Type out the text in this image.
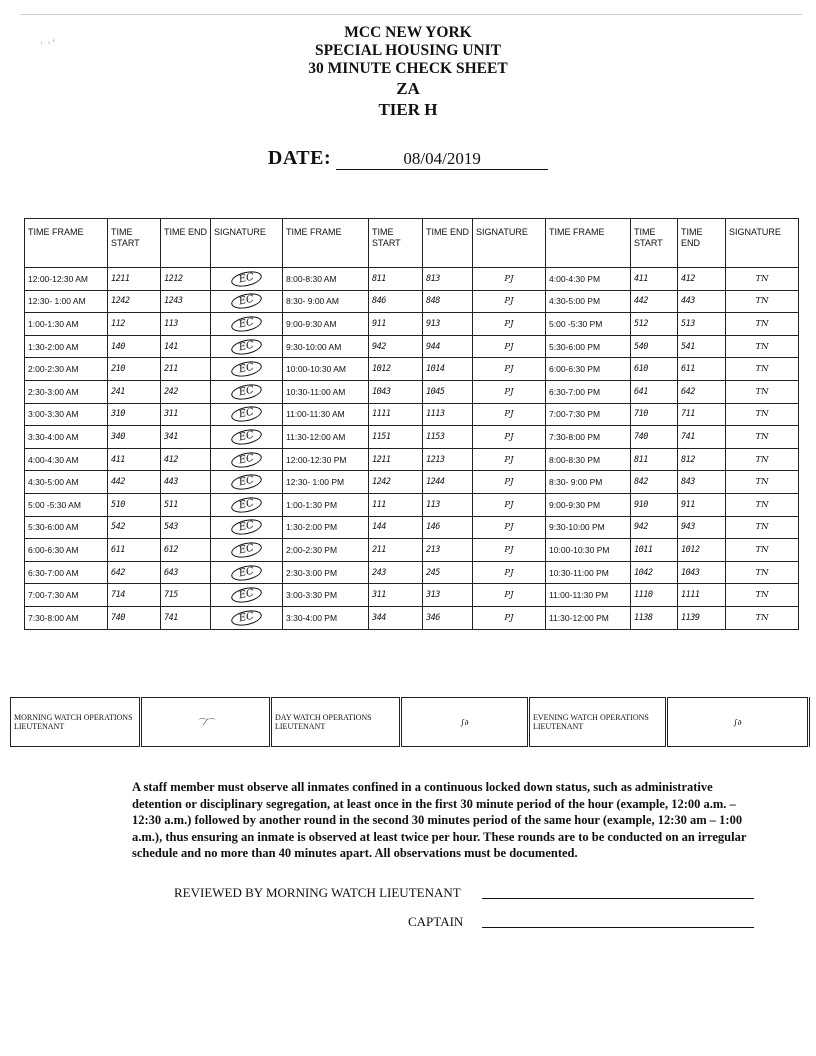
·  · '
MCC NEW YORK
SPECIAL HOUSING UNIT
30 MINUTE CHECK SHEET
ZA
TIER H
DATE:	08/04/2019
TIME FRAME	TIME START	TIME END	SIGNATURE	TIME FRAME	TIME START	TIME END	SIGNATURE	TIME FRAME	TIME START	TIME END	SIGNATURE
12:00-12:30 AM	1211	1212	EC	8:00-8:30 AM	811	813	PJ	4:00-4:30 PM	411	412	TN
12:30- 1:00 AM	1242	1243	EC	8:30- 9:00 AM	846	848	PJ	4:30-5:00 PM	442	443	TN
1:00-1:30 AM	112	113	EC	9:00-9:30 AM	911	913	PJ	5:00 -5:30 PM	512	513	TN
1:30-2:00 AM	140	141	EC	9:30-10:00 AM	942	944	PJ	5:30-6:00 PM	540	541	TN
2:00-2:30 AM	210	211	EC	10:00-10:30 AM	1012	1014	PJ	6:00-6:30 PM	610	611	TN
2:30-3:00 AM	241	242	EC	10:30-11:00 AM	1043	1045	PJ	6:30-7:00 PM	641	642	TN
3:00-3:30 AM	310	311	EC	11:00-11:30 AM	1111	1113	PJ	7:00-7:30 PM	710	711	TN
3:30-4:00 AM	340	341	EC	11:30-12:00 AM	1151	1153	PJ	7:30-8:00 PM	740	741	TN
4:00-4:30 AM	411	412	EC	12:00-12:30 PM	1211	1213	PJ	8:00-8:30 PM	811	812	TN
4:30-5:00 AM	442	443	EC	12:30- 1:00 PM	1242	1244	PJ	8:30- 9:00 PM	842	843	TN
5:00 -5:30 AM	510	511	EC	1:00-1:30 PM	111	113	PJ	9:00-9:30 PM	910	911	TN
5:30-6:00 AM	542	543	EC	1:30-2:00 PM	144	146	PJ	9:30-10:00 PM	942	943	TN
6:00-6:30 AM	611	612	EC	2:00-2:30 PM	211	213	PJ	10:00-10:30 PM	1011	1012	TN
6:30-7:00 AM	642	643	EC	2:30-3:00 PM	243	245	PJ	10:30-11:00 PM	1042	1043	TN
7:00-7:30 AM	714	715	EC	3:00-3:30 PM	311	313	PJ	11:00-11:30 PM	1110	1111	TN
7:30-8:00 AM	740	741	EC	3:30-4:00 PM	344	346	PJ	11:30-12:00 PM	1138	1139	TN
MORNING WATCH OPERATIONS LIEUTENANT	⌒⁄⌒	DAY WATCH OPERATIONS LIEUTENANT	∫∂	EVENING WATCH OPERATIONS LIEUTENANT	∫∂
A staff member must observe all inmates confined in a continuous locked down status, such as administrative detention or disciplinary segregation, at least once in the first 30 minute period of the hour (example, 12:00 a.m. – 12:30 a.m.) followed by another round in the second 30 minutes period of the same hour (example, 12:30 am – 1:00 a.m.), thus ensuring an inmate is observed at least twice per hour. These rounds are to be conducted on an irregular schedule and no more than 40 minutes apart. All observations must be documented.
REVIEWED BY MORNING WATCH LIEUTENANT
CAPTAIN
